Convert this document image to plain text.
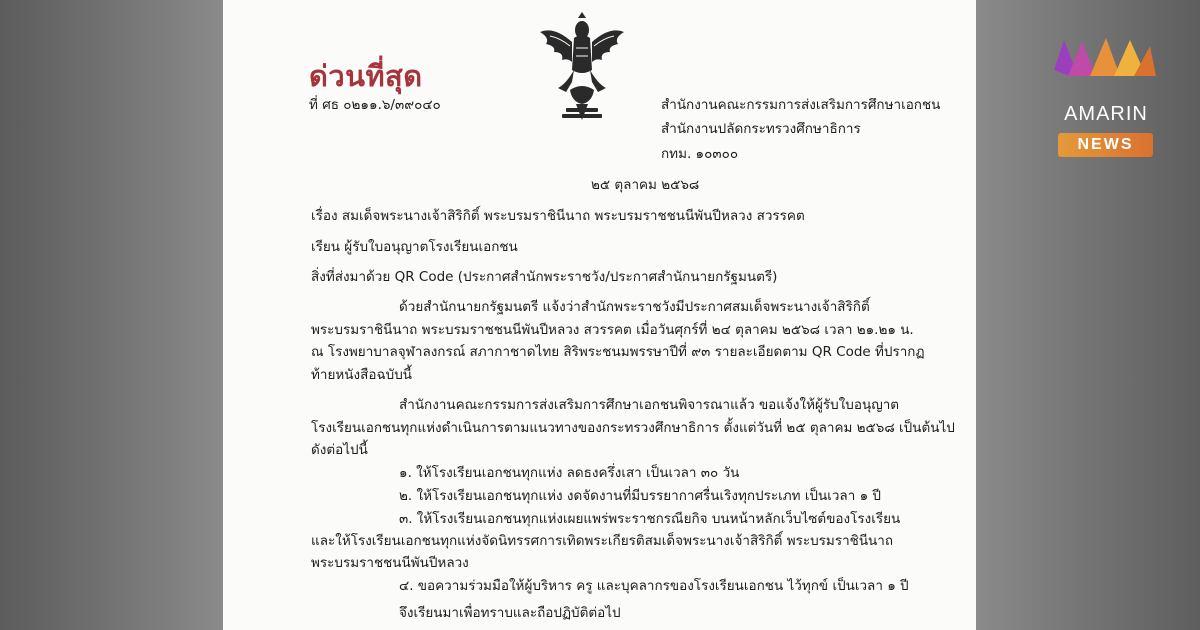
ด่วนที่สุด
ที่ ศธ ๐๒๑๑.๖/๓๙๐๔๐	สำนักงานคณะกรรมการส่งเสริมการศึกษาเอกชน
สำนักงานปลัดกระทรวงศึกษาธิการ
กทม. ๑๐๓๐๐
๒๕ ตุลาคม ๒๕๖๘
เรื่อง สมเด็จพระนางเจ้าสิริกิติ์ พระบรมราชินีนาถ พระบรมราชชนนีพันปีหลวง สวรรคต
เรียน ผู้รับใบอนุญาตโรงเรียนเอกชน
สิ่งที่ส่งมาด้วย QR Code (ประกาศสำนักพระราชวัง/ประกาศสำนักนายกรัฐมนตรี)
ด้วยสำนักนายกรัฐมนตรี แจ้งว่าสำนักพระราชวังมีประกาศสมเด็จพระนางเจ้าสิริกิติ์
พระบรมราชินีนาถ พระบรมราชชนนีพันปีหลวง สวรรคต เมื่อวันศุกร์ที่ ๒๔ ตุลาคม ๒๕๖๘ เวลา ๒๑.๒๑ น.
ณ โรงพยาบาลจุฬาลงกรณ์ สภากาชาดไทย สิริพระชนมพรรษาปีที่ ๙๓ รายละเอียดตาม QR Code ที่ปรากฏ
ท้ายหนังสือฉบับนี้
สำนักงานคณะกรรมการส่งเสริมการศึกษาเอกชนพิจารณาแล้ว ขอแจ้งให้ผู้รับใบอนุญาต
โรงเรียนเอกชนทุกแห่งดำเนินการตามแนวทางของกระทรวงศึกษาธิการ ตั้งแต่วันที่ ๒๕ ตุลาคม ๒๕๖๘ เป็นต้นไป
ดังต่อไปนี้
๑. ให้โรงเรียนเอกชนทุกแห่ง ลดธงครึ่งเสา เป็นเวลา ๓๐ วัน
๒. ให้โรงเรียนเอกชนทุกแห่ง งดจัดงานที่มีบรรยากาศรื่นเริงทุกประเภท เป็นเวลา ๑ ปี
๓. ให้โรงเรียนเอกชนทุกแห่งเผยแพร่พระราชกรณียกิจ บนหน้าหลักเว็บไซต์ของโรงเรียน
และให้โรงเรียนเอกชนทุกแห่งจัดนิทรรศการเทิดพระเกียรติสมเด็จพระนางเจ้าสิริกิติ์ พระบรมราชินีนาถ
พระบรมราชชนนีพันปีหลวง
๔. ขอความร่วมมือให้ผู้บริหาร ครู และบุคลากรของโรงเรียนเอกชน ไว้ทุกข์ เป็นเวลา ๑ ปี
จึงเรียนมาเพื่อทราบและถือปฏิบัติต่อไป
AMARIN
NEWS
